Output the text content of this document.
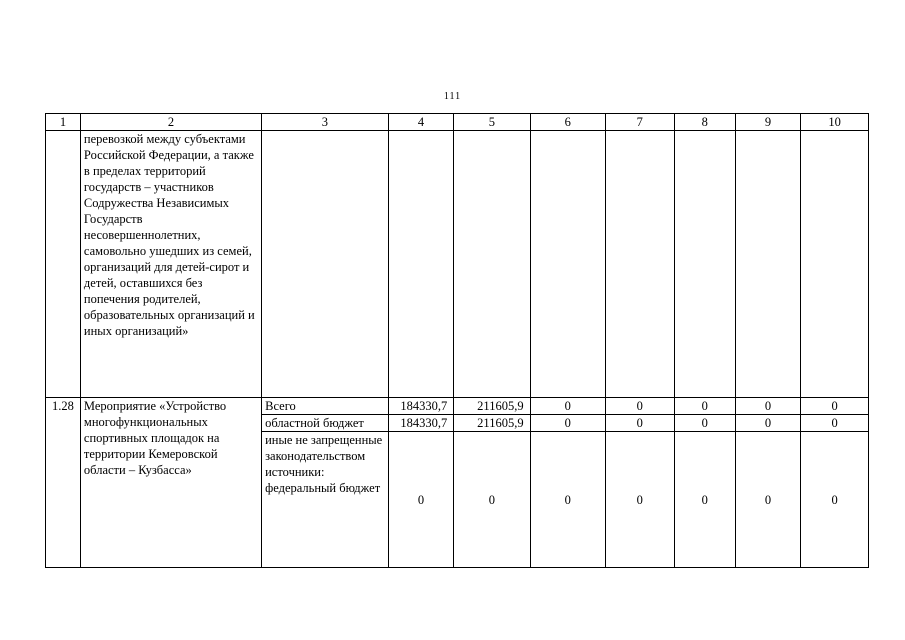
111
1	2	3	4	5	6	7	8	9	10
	перевозкой между субъектами Российской Федерации, а также в пределах территорий государств – участников Содружества Независимых Государств несовершеннолетних, самовольно ушедших из семей, организаций для детей-сирот и детей, оставшихся без попечения родителей, образовательных организаций и иных организаций»								
1.28	Мероприятие «Устройство многофункциональных спортивных площадок на территории Кемеровской области – Кузбасса»	Всего	184330,7	211605,9	0	0	0	0	0
		областной бюджет	184330,7	211605,9	0	0	0	0	0
		иные не запрещенные законодательством источники: федеральный бюджет	0	0	0	0	0	0	0
